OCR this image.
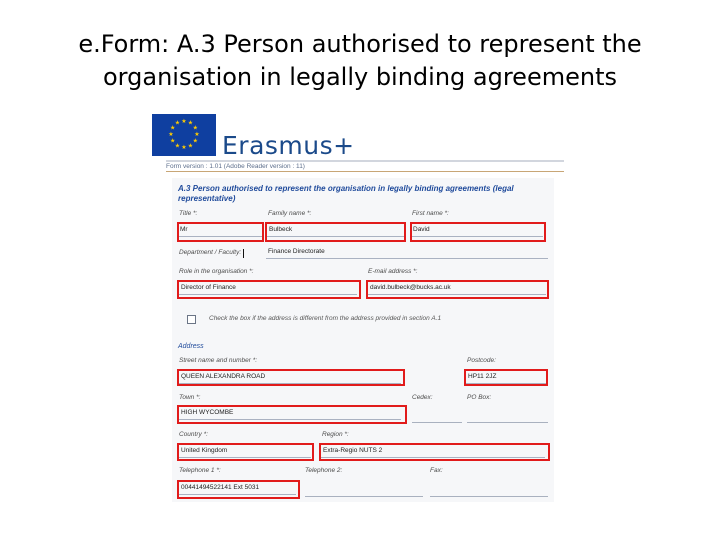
e.Form: A.3 Person authorised to represent the organisation in legally binding agreements
★ ★
★
★
★
★
★
★
★
★
★
★
Erasmus+
Form version : 1.01 (Adobe Reader version : 11)
A.3 Person authorised to represent the organisation in legally binding agreements (legal representative)
Title *:	Family name *:	First name *:
Mr	Bulbeck	David
Department / Faculty:	Finance Directorate
Role in the organisation *:	E-mail address *:
Director of Finance	david.bulbeck@bucks.ac.uk
Check the box if the address is different from the address provided in section A.1
Address
Street name and number *:	Postcode:
QUEEN ALEXANDRA ROAD	HP11 2JZ
Town *:	Cedex:	PO Box:
HIGH WYCOMBE
Country *:	Region *:
United Kingdom	Extra-Regio NUTS 2
Telephone 1 *:	Telephone 2:	Fax:
00441494522141 Ext 5031
